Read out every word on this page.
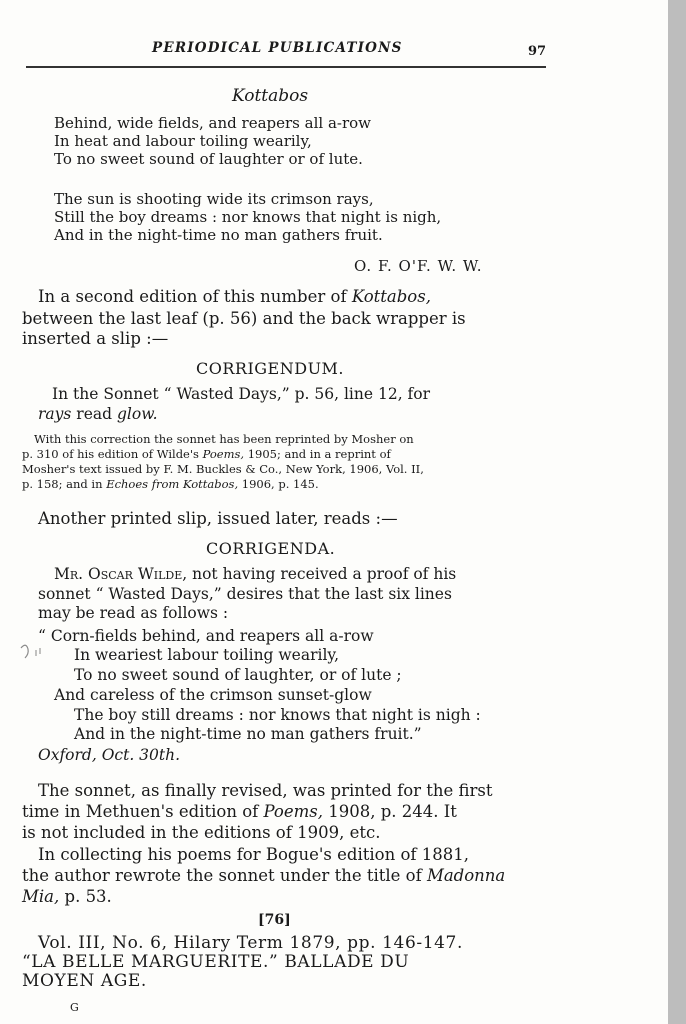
PERIODICAL PUBLICATIONS	97
Kottabos
Behind, wide fields, and reapers all a-row
In heat and labour toiling wearily,
To no sweet sound of laughter or of lute.
The sun is shooting wide its crimson rays,
Still the boy dreams : nor knows that night is nigh,
And in the night-time no man gathers fruit.
O. F. O'F. W. W.
In a second edition of this number of Kottabos,
between the last leaf (p. 56) and the back wrapper is
inserted a slip :—
CORRIGENDUM.
In the Sonnet “ Wasted Days,” p. 56, line 12, for
rays read glow.
With this correction the sonnet has been reprinted by Mosher on
p. 310 of his edition of Wilde's Poems, 1905; and in a reprint of
Mosher's text issued by F. M. Buckles & Co., New York, 1906, Vol. II,
p. 158; and in Echoes from Kottabos, 1906, p. 145.
Another printed slip, issued later, reads :—
CORRIGENDA.
Mr. Oscar Wilde, not having received a proof of his
sonnet “ Wasted Days,” desires that the last six lines
may be read as follows :
“ Corn-fields behind, and reapers all a-row
In weariest labour toiling wearily,
To no sweet sound of laughter, or of lute ;
And careless of the crimson sunset-glow
The boy still dreams : nor knows that night is nigh :
And in the night-time no man gathers fruit.”
Oxford, Oct. 30th.
The sonnet, as finally revised, was printed for the first
time in Methuen's edition of Poems, 1908, p. 244. It
is not included in the editions of 1909, etc.
In collecting his poems for Bogue's edition of 1881,
the author rewrote the sonnet under the title of Madonna
Mia, p. 53.
[76]
Vol. III, No. 6, Hilary Term 1879, pp. 146-147.
“LA BELLE MARGUERITE.” BALLADE DU
MOYEN AGE.
G
